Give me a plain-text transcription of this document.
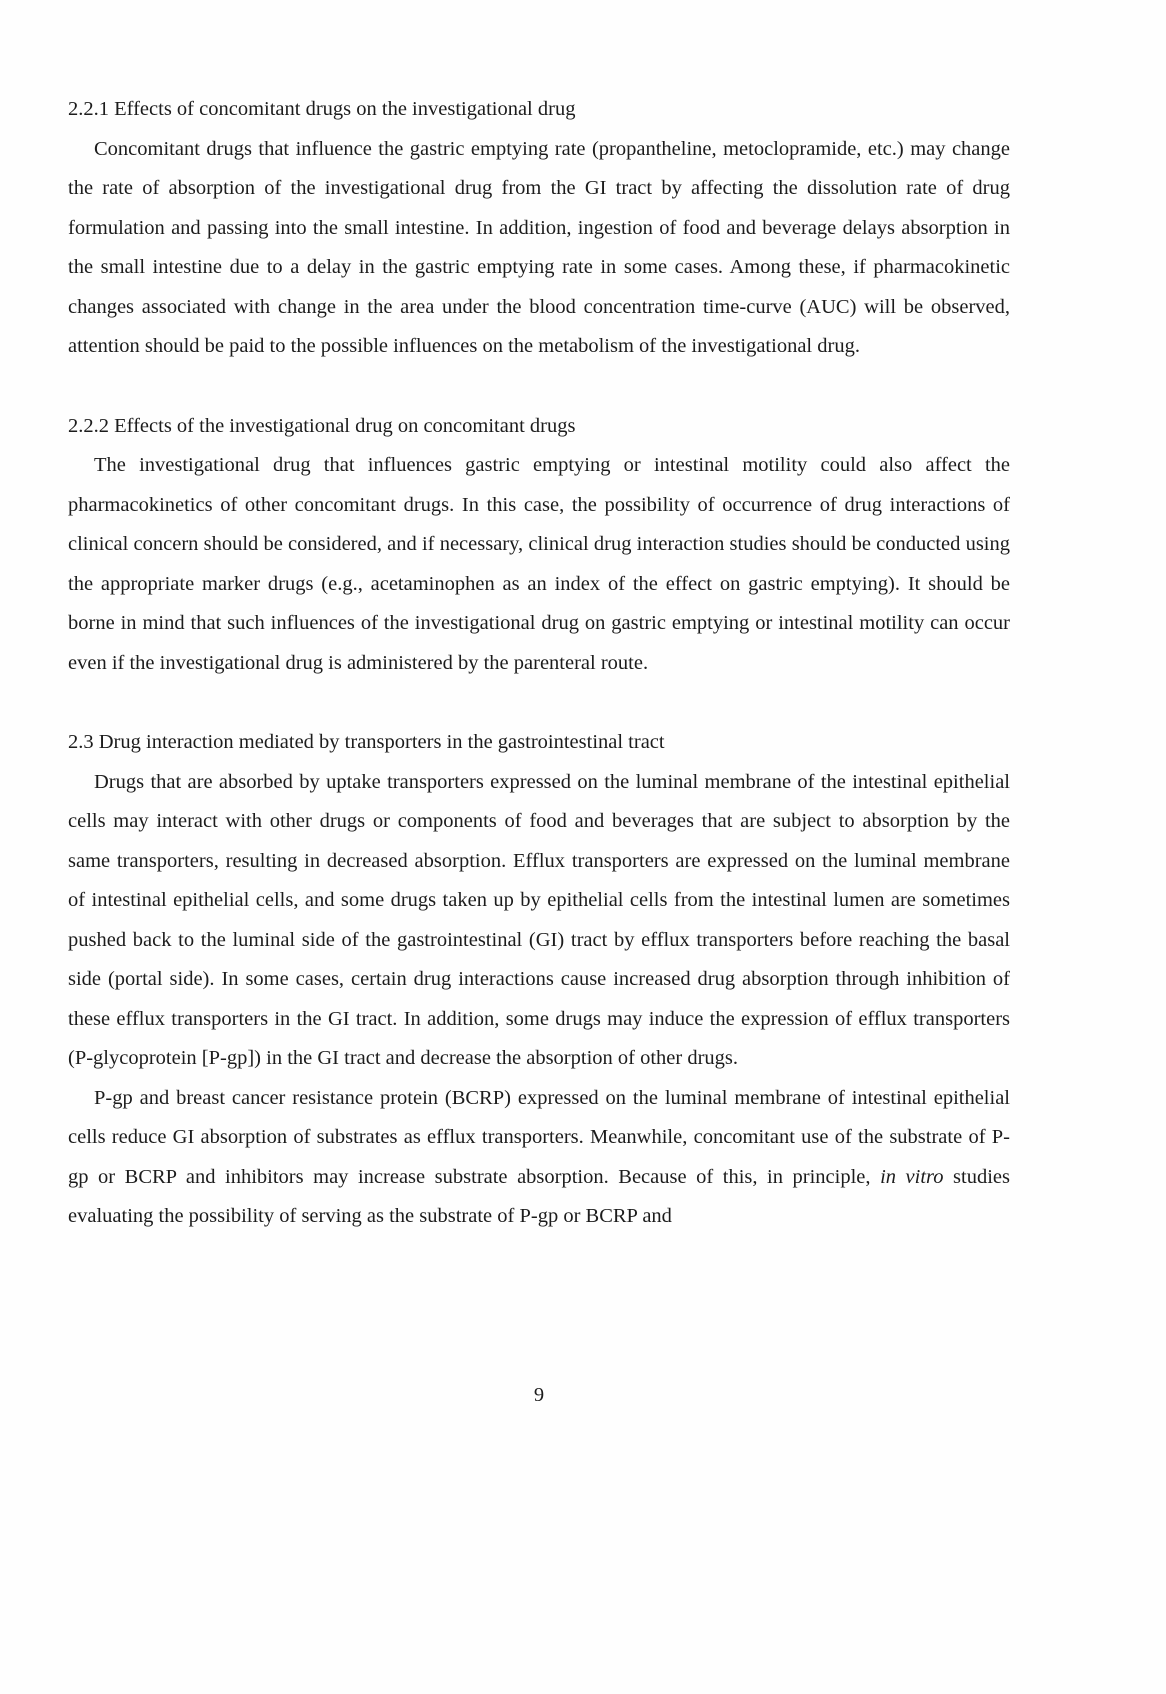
2.2.1 Effects of concomitant drugs on the investigational drug

Concomitant drugs that influence the gastric emptying rate (propantheline, metoclopramide, etc.) may change the rate of absorption of the investigational drug from the GI tract by affecting the dissolution rate of drug formulation and passing into the small intestine. In addition, ingestion of food and beverage delays absorption in the small intestine due to a delay in the gastric emptying rate in some cases. Among these, if pharmacokinetic changes associated with change in the area under the blood concentration time-curve (AUC) will be observed, attention should be paid to the possible influences on the metabolism of the investigational drug.

2.2.2 Effects of the investigational drug on concomitant drugs

The investigational drug that influences gastric emptying or intestinal motility could also affect the pharmacokinetics of other concomitant drugs. In this case, the possibility of occurrence of drug interactions of clinical concern should be considered, and if necessary, clinical drug interaction studies should be conducted using the appropriate marker drugs (e.g., acetaminophen as an index of the effect on gastric emptying). It should be borne in mind that such influences of the investigational drug on gastric emptying or intestinal motility can occur even if the investigational drug is administered by the parenteral route.

2.3 Drug interaction mediated by transporters in the gastrointestinal tract

Drugs that are absorbed by uptake transporters expressed on the luminal membrane of the intestinal epithelial cells may interact with other drugs or components of food and beverages that are subject to absorption by the same transporters, resulting in decreased absorption. Efflux transporters are expressed on the luminal membrane of intestinal epithelial cells, and some drugs taken up by epithelial cells from the intestinal lumen are sometimes pushed back to the luminal side of the gastrointestinal (GI) tract by efflux transporters before reaching the basal side (portal side). In some cases, certain drug interactions cause increased drug absorption through inhibition of these efflux transporters in the GI tract. In addition, some drugs may induce the expression of efflux transporters (P-glycoprotein [P-gp]) in the GI tract and decrease the absorption of other drugs.

P-gp and breast cancer resistance protein (BCRP) expressed on the luminal membrane of intestinal epithelial cells reduce GI absorption of substrates as efflux transporters. Meanwhile, concomitant use of the substrate of P-gp or BCRP and inhibitors may increase substrate absorption. Because of this, in principle, in vitro studies evaluating the possibility of serving as the substrate of P-gp or BCRP and

9
